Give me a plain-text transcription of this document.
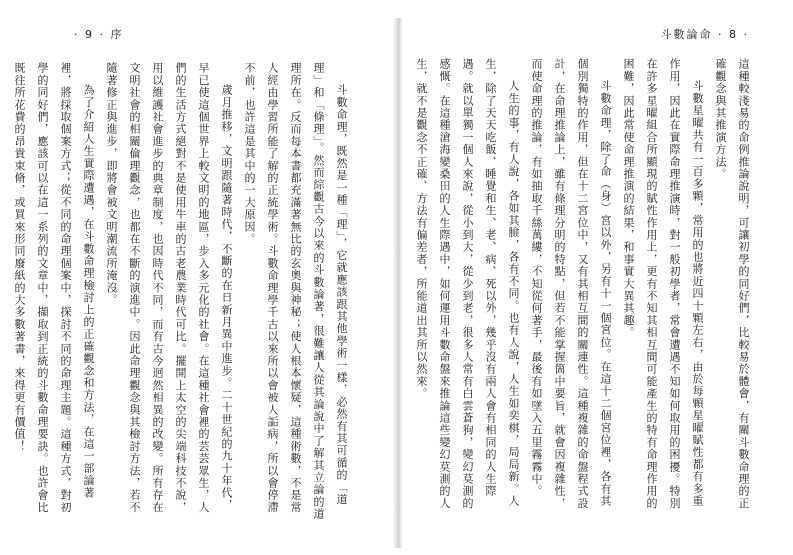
· 9 · 序

斗數命理，既然是一種「理」，它就應該跟其他學術一樣，必然有其可循的「道理」和「條理」。然而綜觀古今以來的斗數論著，很難讓人從其論說中了解其立論的道理所在。反而每本書都充滿著無比的玄奧與神秘；使人根本懷疑，這種術數，不是常人經由學習所能了解的正統學術。斗數命理學千古以來所以會被人詬病，所以會停滯不前，也許這是其中的一大原因。

歲月推移，文明跟隨著時代，不斷的在日新月異中進步。二十世紀的九十年代，早已使這個世界上較文明的地區，步入多元化的社會。在這種社會裡的芸芸眾生，人們的生活方式絕對不是使用牛車的古老農業時代可比。擺開上太空的尖端科技不說，用以維護社會進步的典章制度，也因時代不同，而有古今迥然相異的改變。所有存在文明社會的相關倫理觀念，也都在不斷的演進中。因此命理觀念與其檢討方法，若不隨著修正與進步，即將會被文明潮流所淹沒。

為了介紹人生實際遭遇，在斗數命理檢討上的正確觀念和方法，在這一部論著裡，將採取個案方式；從不同的命理個案中，探討不同的命理主題。這種方式，對初學的同好們，應該可以在這一系列的文章中，擷取到正統的斗數命理要訣。也許會比既往所花費的昂貴束脩，或買來形同廢紙的大多數著書，來得更有價值！

斗數論命 · 8 ·

這種較淺易的命例推論說明，可讓初學的同好們，比較易於體會，有關斗數命理的正確觀念與其推演方法。

斗數星曜共有一百多顆，常用的也將近四十顆左右，由於每顆星曜賦性都有多重作用，因此在實際命理推演時，對一般初學者，常會遭遇不知如何取用的困擾。特別在許多星曜組合所顯現的賦性作用上，更有不知其相互間可能產生的特有命理作用的困難，因此常使命理推演的結果，和事實大異其趣。

斗數命理，除了命（身）宮以外，另有十一個宮位。在這十二個宮位裡，各有其個別獨特的作用，但在十二宮位中，又有其相互間的關連性。這種複雜的命盤程式設計，在命理推論上，雖有條理分明的特點，但若不能掌握箇中要旨，就會因複雜性，而使命理的推論，有如抽取千絲萬縷，不知從何著手，最後有如墜入五里霧霧中。

人生的事，有人說，各如其臉，各有不同。也有人說，人生如奕棋，局局新。人生，除了天天吃飯、睡覺和生、老、病、死以外，幾乎沒有兩人會有相同的人生際遇。就以單獨一個人來說，從小到大，從少到老，很多人常有白雲蒼狗，變幻莫測的感慨。在這種滄海變桑田的人生際遇中，如何運用斗數命盤來推論這些變幻莫測的人生，就不是觀念不正確、方法有偏差者，所能道出其所以然來。
